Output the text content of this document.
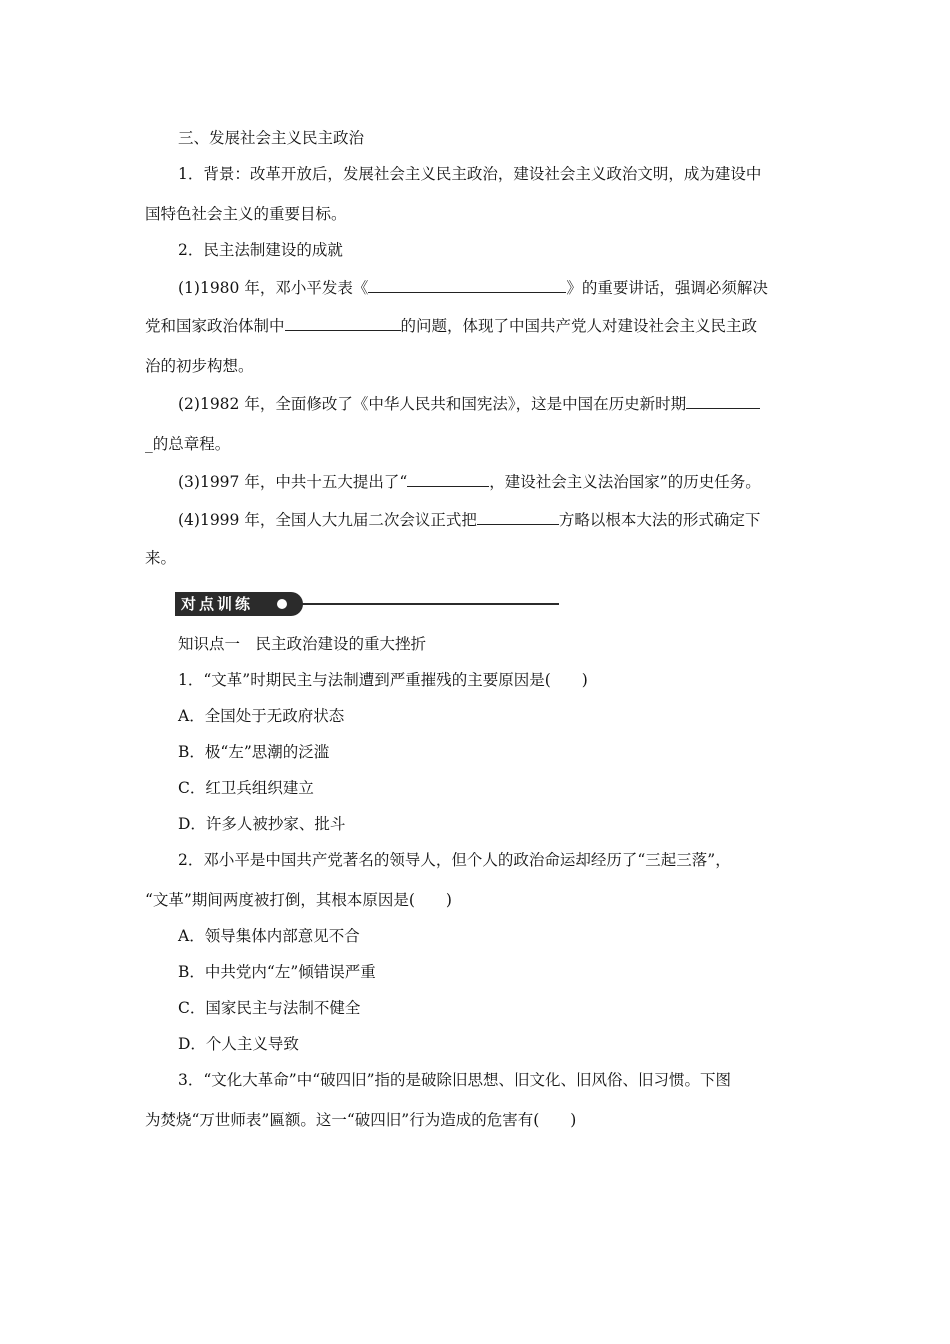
三、发展社会主义民主政治
1．背景：改革开放后，发展社会主义民主政治，建设社会主义政治文明，成为建设中
国特色社会主义的重要目标。
2．民主法制建设的成就
(1)1980 年，邓小平发表《	》的重要讲话，强调必须解决
党和国家政治体制中	的问题，体现了中国共产党人对建设社会主义民主政
治的初步构想。
(2)1982 年，全面修改了《中华人民共和国宪法》，这是中国在历史新时期
_的总章程。
(3)1997 年，中共十五大提出了“	，建设社会主义法治国家”的历史任务。
(4)1999 年，全国人大九届二次会议正式把	方略以根本大法的形式确定下
来。
对点训练
知识点一　民主政治建设的重大挫折
1．“文革”时期民主与法制遭到严重摧残的主要原因是(　　)
A．全国处于无政府状态
B．极“左”思潮的泛滥
C．红卫兵组织建立
D．许多人被抄家、批斗
2．邓小平是中国共产党著名的领导人，但个人的政治命运却经历了“三起三落”，
“文革”期间两度被打倒，其根本原因是(　　)
A．领导集体内部意见不合
B．中共党内“左”倾错误严重
C．国家民主与法制不健全
D．个人主义导致
3．“文化大革命”中“破四旧”指的是破除旧思想、旧文化、旧风俗、旧习惯。下图
为焚烧“万世师表”匾额。这一“破四旧”行为造成的危害有(　　)
